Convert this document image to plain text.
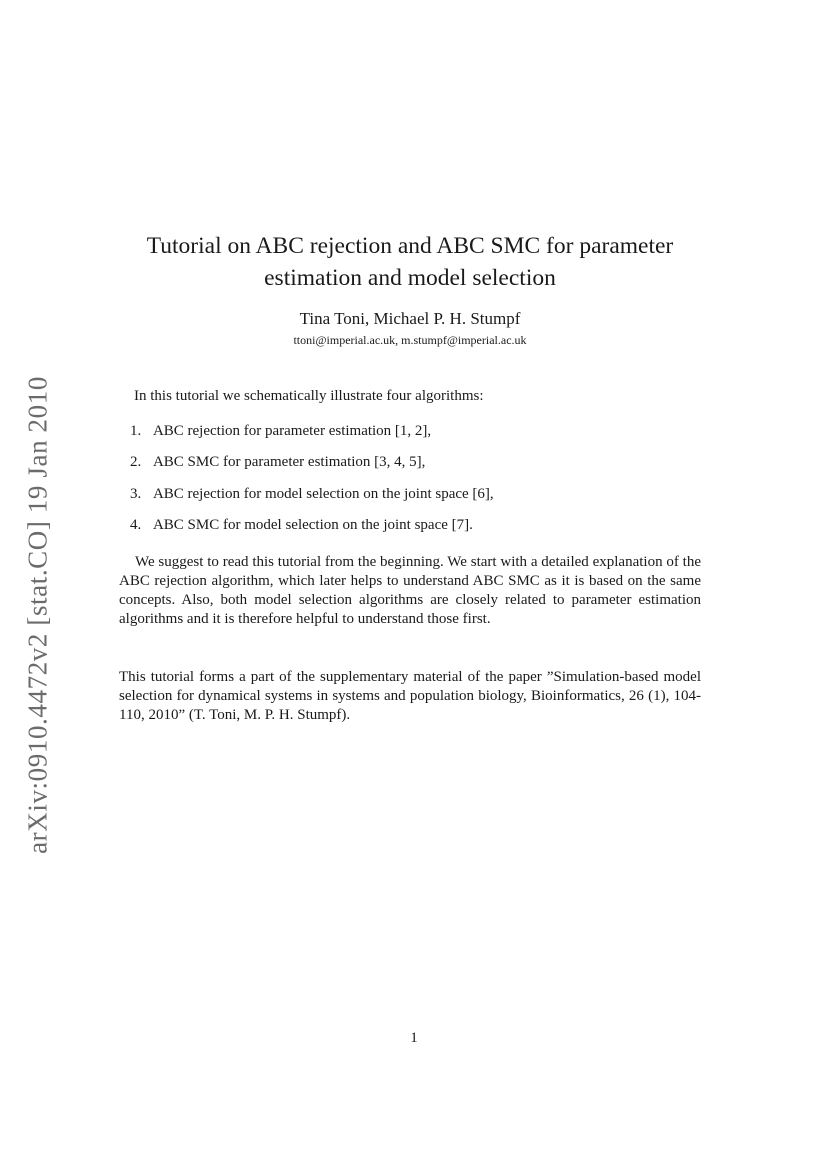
arXiv:0910.4472v2 [stat.CO] 19 Jan 2010
Tutorial on ABC rejection and ABC SMC for parameter
estimation and model selection
Tina Toni, Michael P. H. Stumpf
ttoni@imperial.ac.uk, m.stumpf@imperial.ac.uk
In this tutorial we schematically illustrate four algorithms:
1. ABC rejection for parameter estimation [1, 2],
2. ABC SMC for parameter estimation [3, 4, 5],
3. ABC rejection for model selection on the joint space [6],
4. ABC SMC for model selection on the joint space [7].

We suggest to read this tutorial from the beginning. We start with a detailed explanation of the ABC rejection algorithm, which later helps to understand ABC SMC as it is based on the same concepts. Also, both model selection algorithms are closely related to parameter estimation algorithms and it is therefore helpful to understand those first.

This tutorial forms a part of the supplementary material of the paper ”Simulation-based model selection for dynamical systems in systems and population biology, Bioinformatics, 26 (1), 104-110, 2010” (T. Toni, M. P. H. Stumpf).

1
